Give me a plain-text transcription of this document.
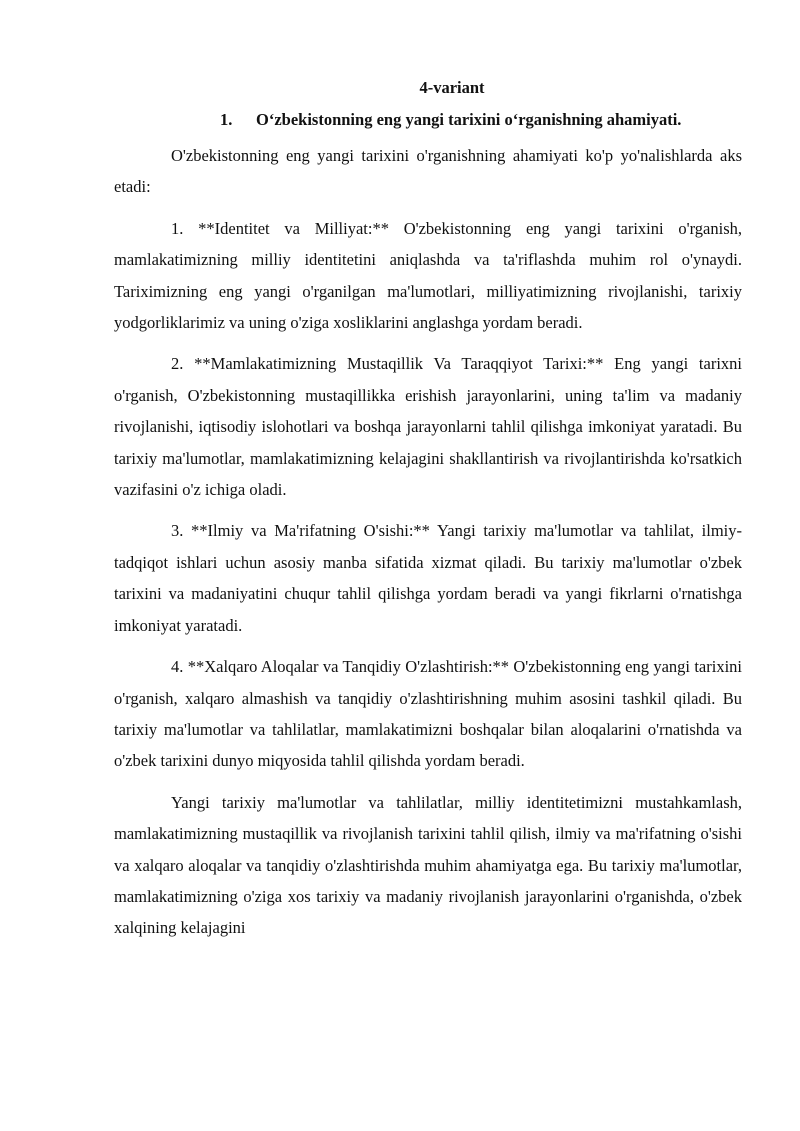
4-variant
1. O‘zbekistonning eng yangi tarixini o‘rganishning ahamiyati.

O'zbekistonning eng yangi tarixini o'rganishning ahamiyati ko'p yo'nalishlarda aks etadi:

1. **Identitet va Milliyat:** O'zbekistonning eng yangi tarixini o'rganish, mamlakatimizning milliy identitetini aniqlashda va ta'riflashda muhim rol o'ynaydi. Tariximizning eng yangi o'rganilgan ma'lumotlari, milliyatimizning rivojlanishi, tarixiy yodgorliklarimiz va uning o'ziga xosliklarini anglashga yordam beradi.

2. **Mamlakatimizning Mustaqillik Va Taraqqiyot Tarixi:** Eng yangi tarixni o'rganish, O'zbekistonning mustaqillikka erishish jarayonlarini, uning ta'lim va madaniy rivojlanishi, iqtisodiy islohotlari va boshqa jarayonlarni tahlil qilishga imkoniyat yaratadi. Bu tarixiy ma'lumotlar, mamlakatimizning kelajagini shakllantirish va rivojlantirishda ko'rsatkich vazifasini o'z ichiga oladi.

3. **Ilmiy va Ma'rifatning O'sishi:** Yangi tarixiy ma'lumotlar va tahlilat, ilmiy-tadqiqot ishlari uchun asosiy manba sifatida xizmat qiladi. Bu tarixiy ma'lumotlar o'zbek tarixini va madaniyatini chuqur tahlil qilishga yordam beradi va yangi fikrlarni o'rnatishga imkoniyat yaratadi.

4. **Xalqaro Aloqalar va Tanqidiy O'zlashtirish:** O'zbekistonning eng yangi tarixini o'rganish, xalqaro almashish va tanqidiy o'zlashtirishning muhim asosini tashkil qiladi. Bu tarixiy ma'lumotlar va tahlilatlar, mamlakatimizni boshqalar bilan aloqalarini o'rnatishda va o'zbek tarixini dunyo miqyosida tahlil qilishda yordam beradi.

Yangi tarixiy ma'lumotlar va tahlilatlar, milliy identitetimizni mustahkamlash, mamlakatimizning mustaqillik va rivojlanish tarixini tahlil qilish, ilmiy va ma'rifatning o'sishi va xalqaro aloqalar va tanqidiy o'zlashtirishda muhim ahamiyatga ega. Bu tarixiy ma'lumotlar, mamlakatimizning o'ziga xos tarixiy va madaniy rivojlanish jarayonlarini o'rganishda, o'zbek xalqining kelajagini
